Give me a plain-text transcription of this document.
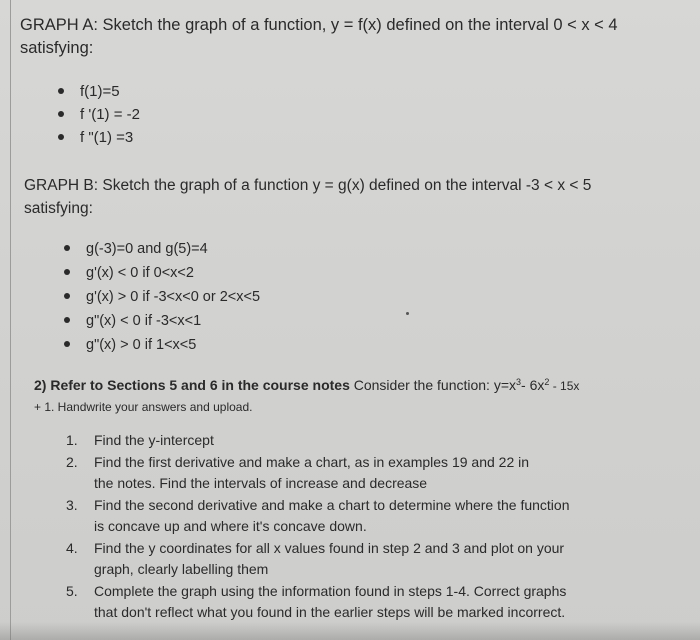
GRAPH A: Sketch the graph of a function, y = f(x) defined on the interval 0 < x < 4
satisfying:
f(1)=5
f '(1) = -2
f "(1) =3
GRAPH B: Sketch the graph of a function y = g(x) defined on the interval -3 < x < 5
satisfying:
g(-3)=0 and g(5)=4
g'(x) < 0 if 0<x<2
g'(x) > 0 if -3<x<0 or 2<x<5
g"(x) < 0 if -3<x<1
g"(x) > 0 if 1<x<5
2) Refer to Sections 5 and 6 in the course notes Consider the function: $y=x^3-$ $6x^2 - 15x$
+ 1. Handwrite your answers and upload.
1. Find the y-intercept
2. Find the first derivative and make a chart, as in examples 19 and 22 in
the notes. Find the intervals of increase and decrease
3. Find the second derivative and make a chart to determine where the function
is concave up and where it's concave down.
4. Find the y coordinates for all x values found in step 2 and 3 and plot on your
graph, clearly labelling them
5. Complete the graph using the information found in steps 1-4. Correct graphs
that don't reflect what you found in the earlier steps will be marked incorrect.
